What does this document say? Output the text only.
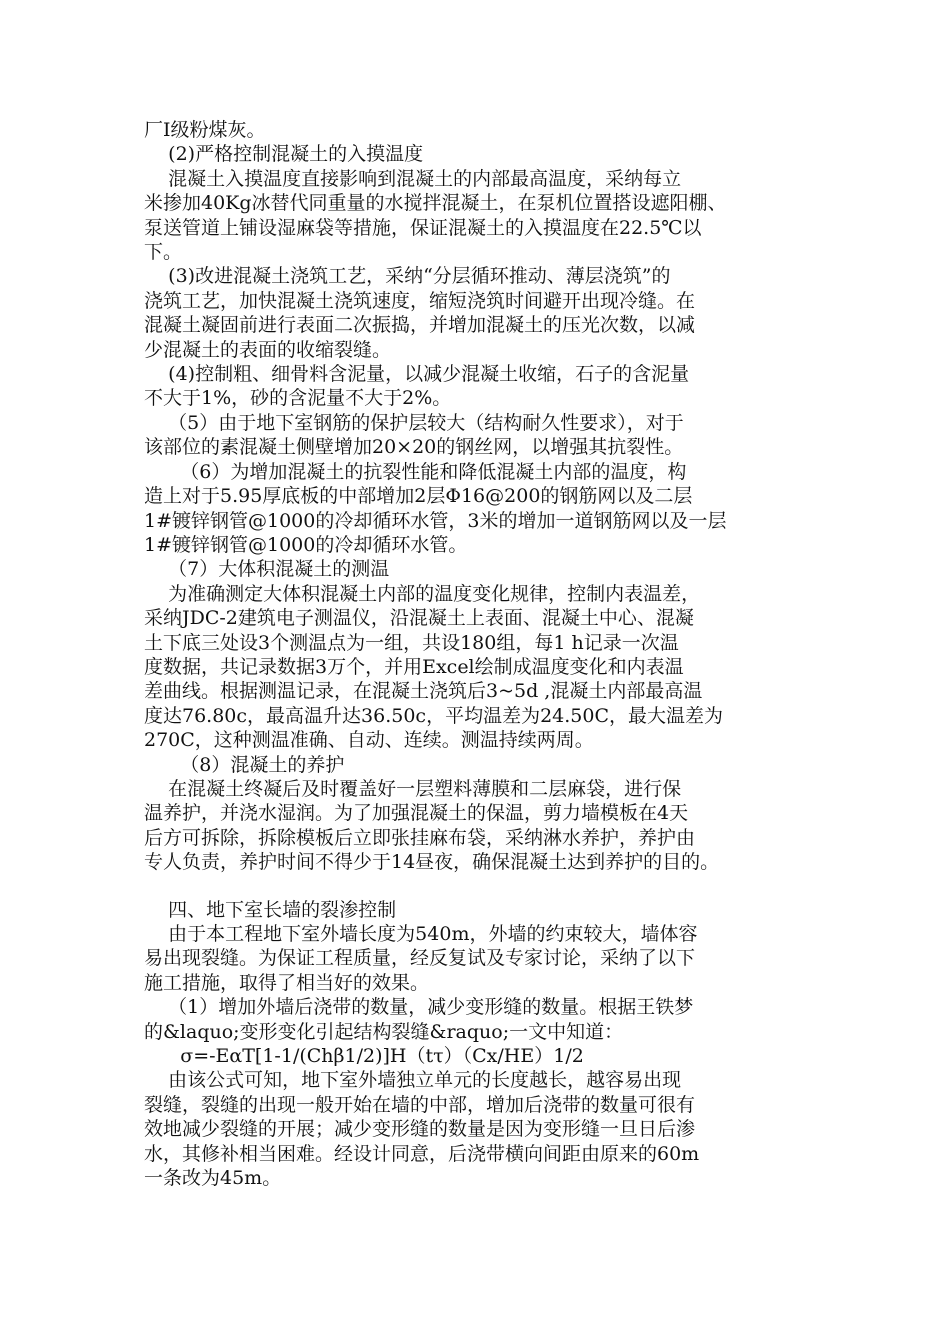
厂Ⅰ级粉煤灰。

(2)严格控制混凝土的入摸温度

混凝土入摸温度直接影响到混凝土的内部最高温度，采纳每立
米掺加40Kg冰替代同重量的水搅拌混凝土，在泵机位置搭设遮阳棚、
泵送管道上铺设湿麻袋等措施，保证混凝土的入摸温度在22.5℃以
下。

(3)改进混凝土浇筑工艺，采纳“分层循环推动、薄层浇筑”的
浇筑工艺，加快混凝土浇筑速度，缩短浇筑时间避开出现冷缝。在
混凝土凝固前进行表面二次振捣，并增加混凝土的压光次数，以减
少混凝土的表面的收缩裂缝。

(4)控制粗、细骨料含泥量，以减少混凝土收缩，石子的含泥量
不大于1%，砂的含泥量不大于2%。

（5）由于地下室钢筋的保护层较大（结构耐久性要求），对于
该部位的素混凝土侧壁增加20×20的钢丝网，以增强其抗裂性。

（6）为增加混凝土的抗裂性能和降低混凝土内部的温度，构
造上对于5.95厚底板的中部增加2层Φ16@200的钢筋网以及二层
1#镀锌钢管@1000的冷却循环水管，3米的增加一道钢筋网以及一层
1#镀锌钢管@1000的冷却循环水管。

（7）大体积混凝土的测温

为准确测定大体积混凝土内部的温度变化规律，控制内表温差，
采纳JDC-2建筑电子测温仪，沿混凝土上表面、混凝土中心、混凝
土下底三处设3个测温点为一组，共设180组，每1 h记录一次温
度数据，共记录数据3万个，并用Excel绘制成温度变化和内表温
差曲线。根据测温记录，在混凝土浇筑后3~5d ,混凝土内部最高温
度达76.80c，最高温升达36.50c，平均温差为24.50C，最大温差为
270C，这种测温准确、自动、连续。测温持续两周。

（8）混凝土的养护

在混凝土终凝后及时覆盖好一层塑料薄膜和二层麻袋，进行保
温养护，并浇水湿润。为了加强混凝土的保温，剪力墙模板在4天
后方可拆除，拆除模板后立即张挂麻布袋，采纳淋水养护，养护由
专人负责，养护时间不得少于14昼夜，确保混凝土达到养护的目的。

四、地下室长墙的裂渗控制

由于本工程地下室外墙长度为540m，外墙的约束较大，墙体容
易出现裂缝。为保证工程质量，经反复试及专家讨论，采纳了以下
施工措施，取得了相当好的效果。

（1）增加外墙后浇带的数量，减少变形缝的数量。根据王铁梦
的&laquo;变形变化引起结构裂缝&raquo;一文中知道：

σ=-EαT[1-1/(Chβ1/2)]H（tτ）（Cx/HE）1/2

由该公式可知，地下室外墙独立单元的长度越长，越容易出现
裂缝，裂缝的出现一般开始在墙的中部，增加后浇带的数量可很有
效地减少裂缝的开展；减少变形缝的数量是因为变形缝一旦日后渗
水，其修补相当困难。经设计同意，后浇带横向间距由原来的60m
一条改为45m。
